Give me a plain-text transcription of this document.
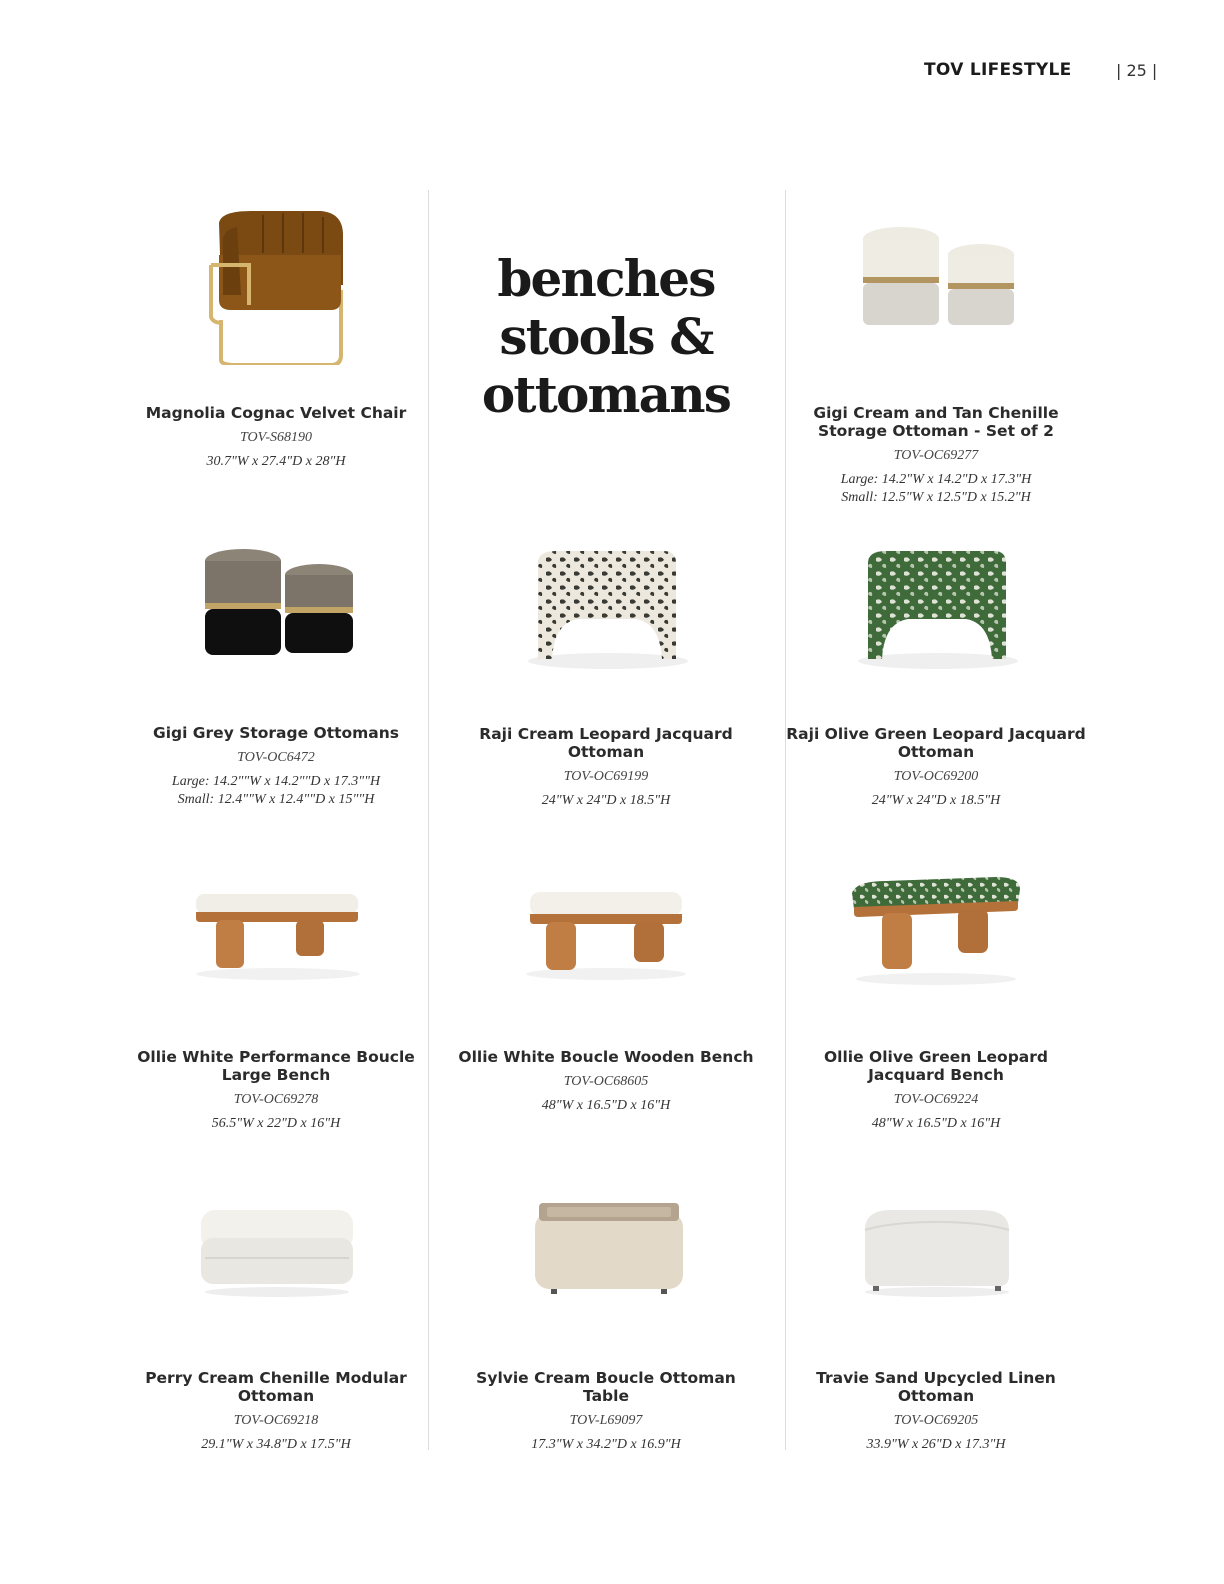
TOV LIFESTYLE	| 25 |
benches
stools &
ottomans
Magnolia Cognac Velvet Chair
TOV-S68190
30.7"W x 27.4"D x 28"H
Gigi Cream and Tan Chenille Storage Ottoman - Set of 2
TOV-OC69277
Large: 14.2"W x 14.2"D x 17.3"H
Small: 12.5"W x 12.5"D x 15.2"H
Gigi Grey Storage Ottomans
TOV-OC6472
Large: 14.2""W x 14.2""D x 17.3""H
Small: 12.4""W x 12.4""D x 15""H
Raji Cream Leopard Jacquard Ottoman
TOV-OC69199
24"W x 24"D x 18.5"H
Raji Olive Green Leopard Jacquard Ottoman
TOV-OC69200
24"W x 24"D x 18.5"H
Ollie White Performance Boucle Large Bench
TOV-OC69278
56.5"W x 22"D x 16"H
Ollie White Boucle Wooden Bench
TOV-OC68605
48"W x 16.5"D x 16"H
Ollie Olive Green Leopard Jacquard Bench
TOV-OC69224
48"W x 16.5"D x 16"H
Perry Cream Chenille Modular Ottoman
TOV-OC69218
29.1"W x 34.8"D x 17.5"H
Sylvie Cream Boucle Ottoman Table
TOV-L69097
17.3"W x 34.2"D x 16.9"H
Travie Sand Upcycled Linen Ottoman
TOV-OC69205
33.9"W x 26"D x 17.3"H
